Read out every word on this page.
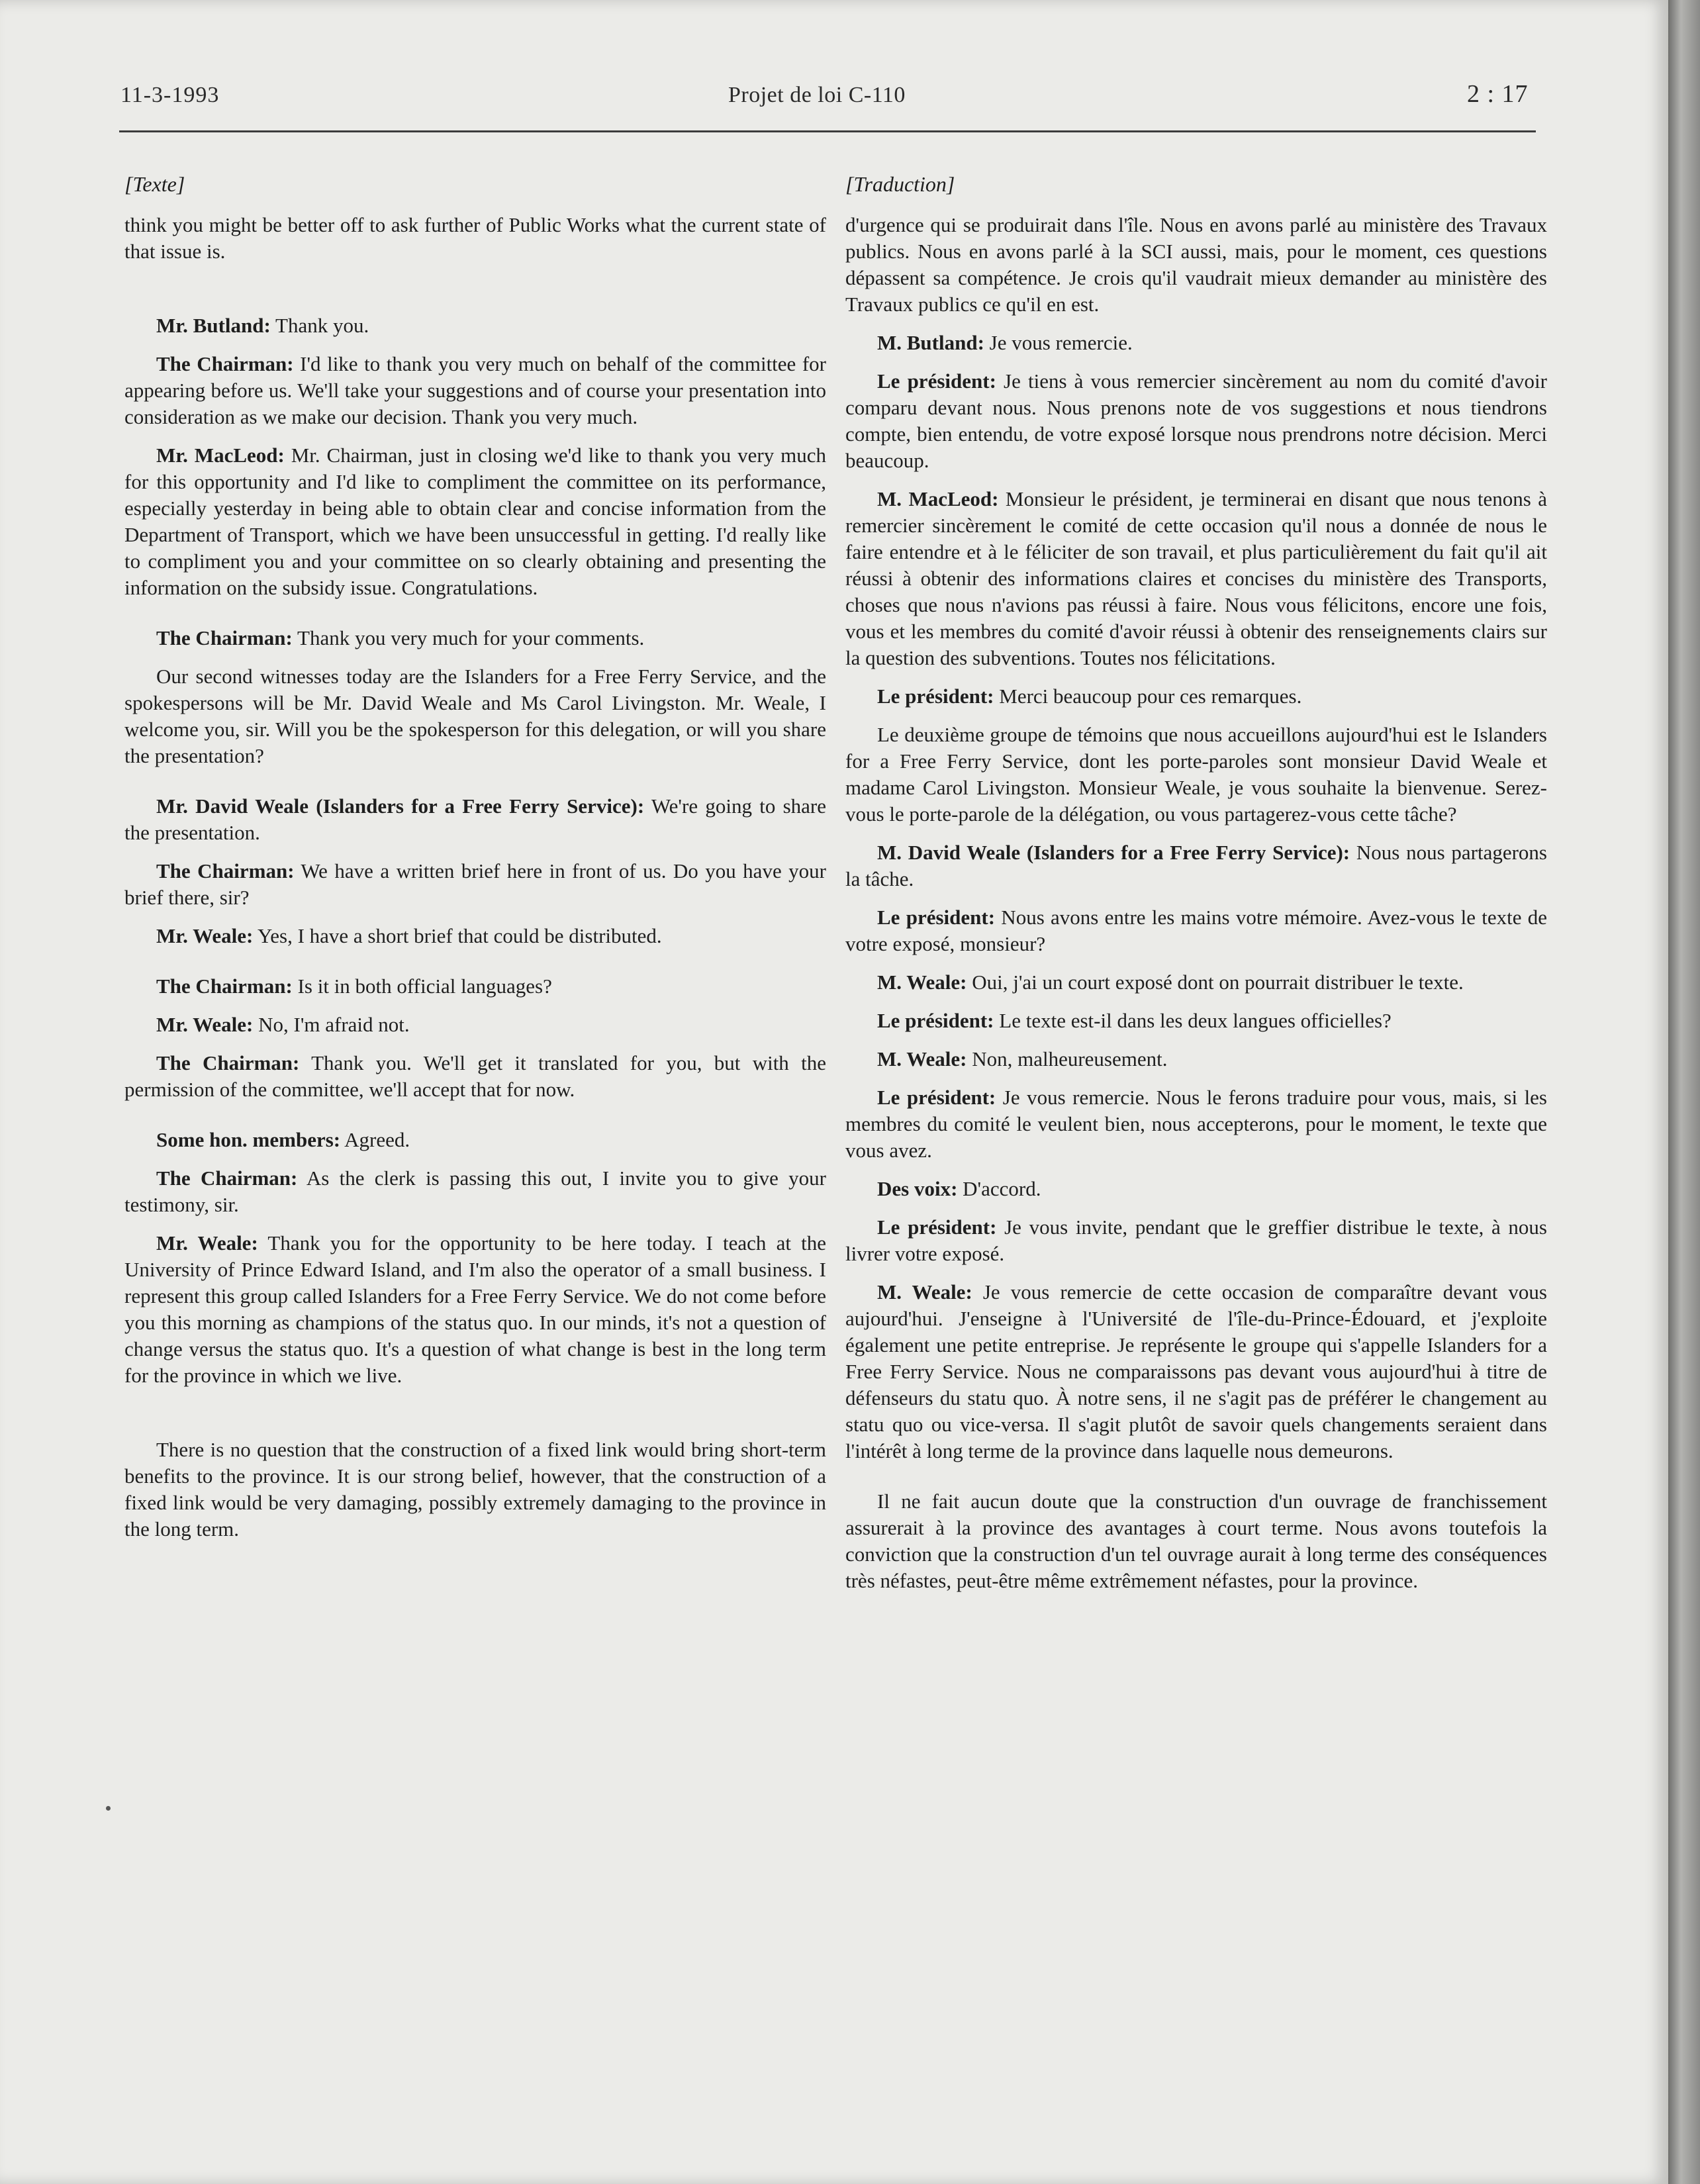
11-3-1993	Projet de loi C-110	2 : 17
[Texte]

think you might be better off to ask further of Public Works what the current state of that issue is.

Mr. Butland: Thank you.

The Chairman: I'd like to thank you very much on behalf of the committee for appearing before us. We'll take your suggestions and of course your presentation into consideration as we make our decision. Thank you very much.

Mr. MacLeod: Mr. Chairman, just in closing we'd like to thank you very much for this opportunity and I'd like to compliment the committee on its performance, especially yesterday in being able to obtain clear and concise information from the Department of Transport, which we have been unsuccessful in getting. I'd really like to compliment you and your committee on so clearly obtaining and presenting the information on the subsidy issue. Congratulations.

The Chairman: Thank you very much for your comments.

Our second witnesses today are the Islanders for a Free Ferry Service, and the spokespersons will be Mr. David Weale and Ms Carol Livingston. Mr. Weale, I welcome you, sir. Will you be the spokesperson for this delegation, or will you share the presentation?

Mr. David Weale (Islanders for a Free Ferry Service): We're going to share the presentation.

The Chairman: We have a written brief here in front of us. Do you have your brief there, sir?

Mr. Weale: Yes, I have a short brief that could be distributed.

The Chairman: Is it in both official languages?

Mr. Weale: No, I'm afraid not.

The Chairman: Thank you. We'll get it translated for you, but with the permission of the committee, we'll accept that for now.

Some hon. members: Agreed.

The Chairman: As the clerk is passing this out, I invite you to give your testimony, sir.

Mr. Weale: Thank you for the opportunity to be here today. I teach at the University of Prince Edward Island, and I'm also the operator of a small business. I represent this group called Islanders for a Free Ferry Service. We do not come before you this morning as champions of the status quo. In our minds, it's not a question of change versus the status quo. It's a question of what change is best in the long term for the province in which we live.

There is no question that the construction of a fixed link would bring short-term benefits to the province. It is our strong belief, however, that the construction of a fixed link would be very damaging, possibly extremely damaging to the province in the long term.

[Traduction]

d'urgence qui se produirait dans l'île. Nous en avons parlé au ministère des Travaux publics. Nous en avons parlé à la SCI aussi, mais, pour le moment, ces questions dépassent sa compétence. Je crois qu'il vaudrait mieux demander au ministère des Travaux publics ce qu'il en est.

M. Butland: Je vous remercie.

Le président: Je tiens à vous remercier sincèrement au nom du comité d'avoir comparu devant nous. Nous prenons note de vos suggestions et nous tiendrons compte, bien entendu, de votre exposé lorsque nous prendrons notre décision. Merci beaucoup.

M. MacLeod: Monsieur le président, je terminerai en disant que nous tenons à remercier sincèrement le comité de cette occasion qu'il nous a donnée de nous le faire entendre et à le féliciter de son travail, et plus particulièrement du fait qu'il ait réussi à obtenir des informations claires et concises du ministère des Transports, choses que nous n'avions pas réussi à faire. Nous vous félicitons, encore une fois, vous et les membres du comité d'avoir réussi à obtenir des renseignements clairs sur la question des subventions. Toutes nos félicitations.

Le président: Merci beaucoup pour ces remarques.

Le deuxième groupe de témoins que nous accueillons aujourd'hui est le Islanders for a Free Ferry Service, dont les porte-paroles sont monsieur David Weale et madame Carol Livingston. Monsieur Weale, je vous souhaite la bienvenue. Serez-vous le porte-parole de la délégation, ou vous partagerez-vous cette tâche?

M. David Weale (Islanders for a Free Ferry Service): Nous nous partagerons la tâche.

Le président: Nous avons entre les mains votre mémoire. Avez-vous le texte de votre exposé, monsieur?

M. Weale: Oui, j'ai un court exposé dont on pourrait distribuer le texte.

Le président: Le texte est-il dans les deux langues officielles?

M. Weale: Non, malheureusement.

Le président: Je vous remercie. Nous le ferons traduire pour vous, mais, si les membres du comité le veulent bien, nous accepterons, pour le moment, le texte que vous avez.

Des voix: D'accord.

Le président: Je vous invite, pendant que le greffier distribue le texte, à nous livrer votre exposé.

M. Weale: Je vous remercie de cette occasion de comparaître devant vous aujourd'hui. J'enseigne à l'Université de l'île-du-Prince-Édouard, et j'exploite également une petite entreprise. Je représente le groupe qui s'appelle Islanders for a Free Ferry Service. Nous ne comparaissons pas devant vous aujourd'hui à titre de défenseurs du statu quo. À notre sens, il ne s'agit pas de préférer le changement au statu quo ou vice-versa. Il s'agit plutôt de savoir quels changements seraient dans l'intérêt à long terme de la province dans laquelle nous demeurons.

Il ne fait aucun doute que la construction d'un ouvrage de franchissement assurerait à la province des avantages à court terme. Nous avons toutefois la conviction que la construction d'un tel ouvrage aurait à long terme des conséquences très néfastes, peut-être même extrêmement néfastes, pour la province.
